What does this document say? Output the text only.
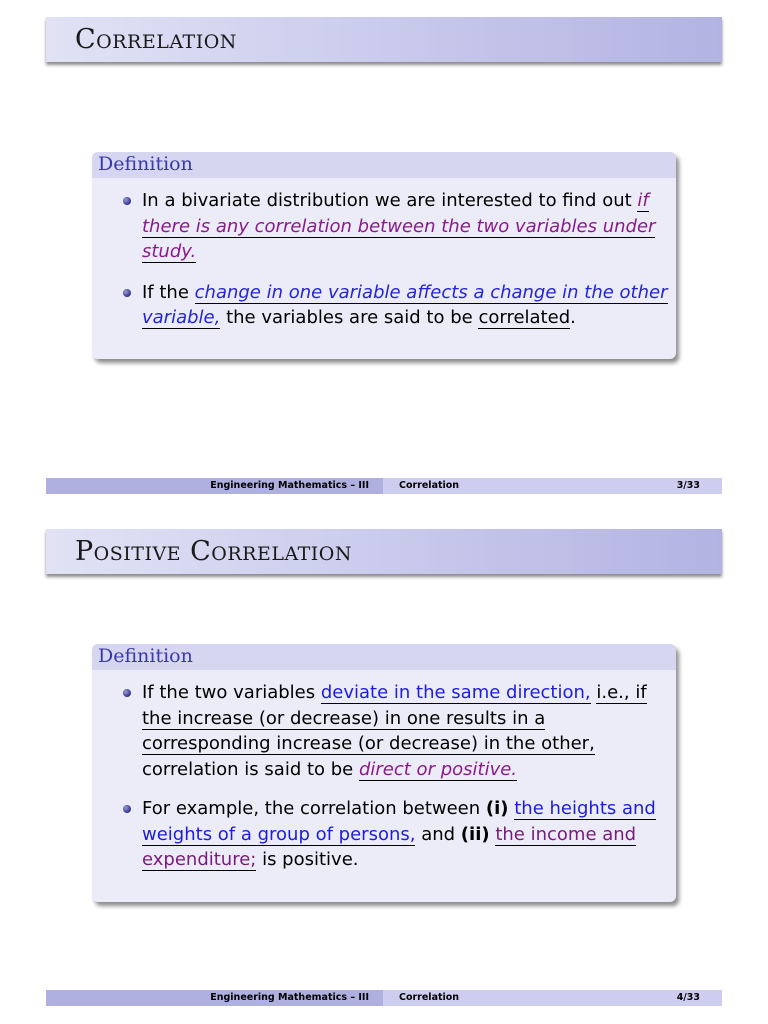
Correlation
Definition
In a bivariate distribution we are interested to find out if
there is any correlation between the two variables under
study.
If the change in one variable affects a change in the other
variable, the variables are said to be correlated.
Engineering Mathematics – III	Correlation	3/33
Positive Correlation
Definition
If the two variables deviate in the same direction, i.e., if
the increase (or decrease) in one results in a
corresponding increase (or decrease) in the other,
correlation is said to be direct or positive.
For example, the correlation between (i) the heights and
weights of a group of persons, and (ii) the income and
expenditure; is positive.
Engineering Mathematics – III	Correlation	4/33
